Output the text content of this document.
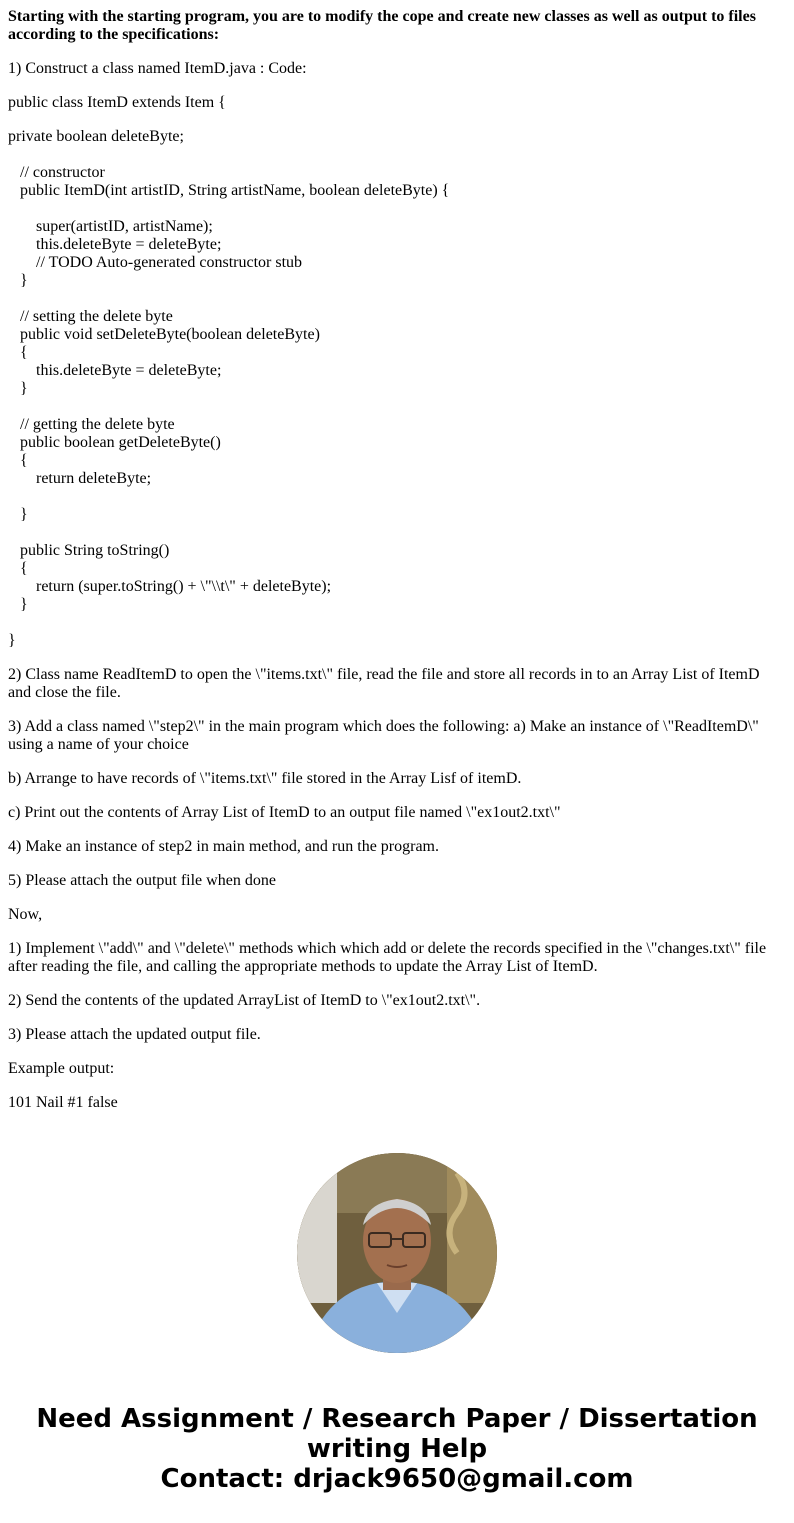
Starting with the starting program, you are to modify the cope and create new classes as well as output to files according to the specifications:

1) Construct a class named ItemD.java : Code:

public class ItemD extends Item {

private boolean deleteByte;

// constructor
public ItemD(int artistID, String artistName, boolean deleteByte) {

super(artistID, artistName);
this.deleteByte = deleteByte;
// TODO Auto-generated constructor stub
}

// setting the delete byte
public void setDeleteByte(boolean deleteByte)
{
this.deleteByte = deleteByte;
}

// getting the delete byte
public boolean getDeleteByte()
{
return deleteByte;

}

public String toString()
{
return (super.toString() + \"\\t\" + deleteByte);
}

}

2) Class name ReadItemD to open the \"items.txt\" file, read the file and store all records in to an Array List of ItemD and close the file.

3) Add a class named \"step2\" in the main program which does the following: a) Make an instance of \"ReadItemD\" using a name of your choice

b) Arrange to have records of \"items.txt\" file stored in the Array Lisf of itemD.

c) Print out the contents of Array List of ItemD to an output file named \"ex1out2.txt\"

4) Make an instance of step2 in main method, and run the program.

5) Please attach the output file when done

Now,

1) Implement \"add\" and \"delete\" methods which which add or delete the records specified in the \"changes.txt\" file after reading the file, and calling the appropriate methods to update the Array List of ItemD.

2) Send the contents of the updated ArrayList of ItemD to \"ex1out2.txt\".

3) Please attach the updated output file.

Example output:

101 Nail #1 false

Need Assignment / Research Paper / Dissertation
writing Help
Contact: drjack9650@gmail.com
